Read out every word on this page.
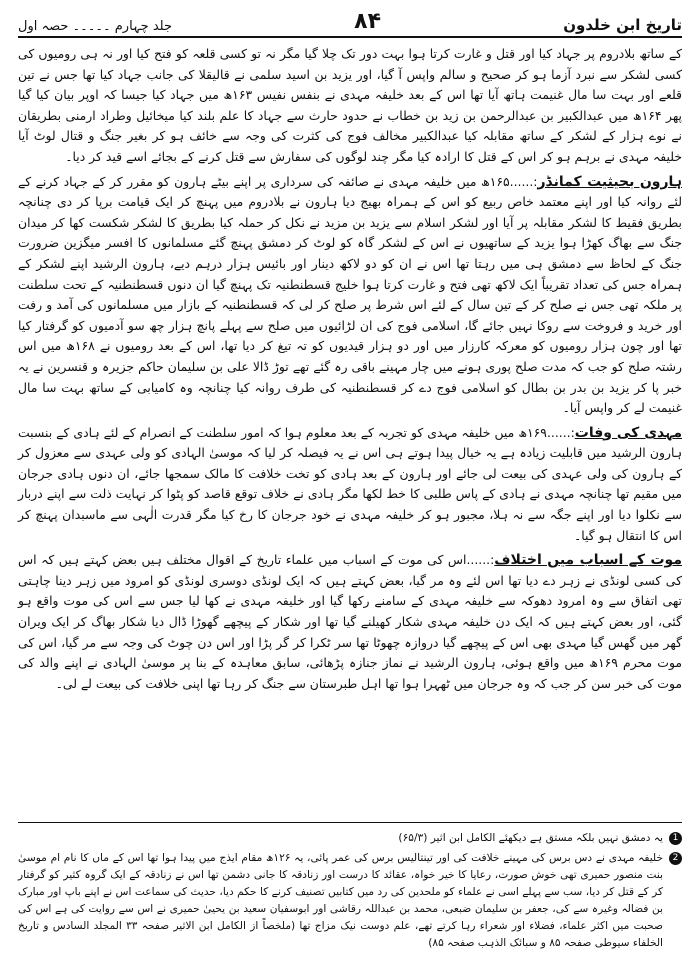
تاریخ ابن خلدون
۸۴
جلد چہارم ۔۔۔۔۔ حصہ اول

کے ساتھ بلادروم پر جہاد کیا اور قتل و غارت کرتا ہوا بہت دور تک چلا گیا مگر نہ تو کسی قلعہ کو فتح کیا اور نہ ہی رومیوں کی کسی لشکر سے نبرد آزما ہو کر صحیح و سالم واپس آ گیا، اور یزید بن اسید سلمی نے قالیقلا کی جانب جہاد کیا تھا جس نے تین قلعے اور بہت سا مال غنیمت ہاتھ آیا تھا اس کے بعد خلیفہ مہدی نے بنفس نفیس ۱۶۳ھ میں جہاد کیا جیسا کہ اوپر بیان کیا گیا پھر ۱۶۴ھ میں عبدالکبیر بن عبدالرحمن بن زید بن خطاب نے حدود حارث سے جہاد کا علم بلند کیا میخائیل وطراد ارمنی بطریقان نے نوے ہزار کے لشکر کے ساتھ مقابلہ کیا عبدالکبیر مخالف فوج کی کثرت کی وجہ سے خائف ہو کر بغیر جنگ و قتال لوٹ آیا خلیفہ مہدی نے برہم ہو کر اس کے قتل کا ارادہ کیا مگر چند لوگوں کی سفارش سے قتل کرنے کے بجائے اسے قید کر دیا۔

ہارون بحیثیت کمانڈر:......۱۶۵ھ میں خلیفہ مہدی نے صائفہ کی سرداری پر اپنے بیٹے ہارون کو مقرر کر کے جہاد کرنے کے لئے روانہ کیا اور اپنے معتمد خاص ربیع کو اس کے ہمراہ بھیج دیا ہارون نے بلادروم میں پہنچ کر ایک قیامت برپا کر دی چنانچہ بطریق فقیط کا لشکر مقابلہ پر آیا اور لشکر اسلام سے یزید بن مزید نے نکل کر حملہ کیا بطریق کا لشکر شکست کھا کر میدان جنگ سے بھاگ کھڑا ہوا یزید کے ساتھیوں نے اس کے لشکر گاہ کو لوٹ کر دمشق پہنچ گئے مسلمانوں کا افسر میگزین ضرورت جنگ کے لحاظ سے دمشق ہی میں رہتا تھا اس نے ان کو دو لاکھ دینار اور بائیس ہزار درہم دیے، ہارون الرشید اپنے لشکر کے ہمراہ جس کی تعداد تقریباً ایک لاکھ تھی فتح و غارت کرتا ہوا خلیج قسطنطنیہ تک پہنچ گیا ان دنوں قسطنطنیہ کے تحت سلطنت پر ملکہ تھی جس نے صلح کر کے تین سال کے لئے اس شرط پر صلح کر لی کہ قسطنطنیہ کے بازار میں مسلمانوں کی آمد و رفت اور خرید و فروخت سے روکا نہیں جائے گا، اسلامی فوج کی ان لڑائیوں میں صلح سے پہلے پانچ ہزار چھ سو آدمیوں کو گرفتار کیا تھا اور چون ہزار رومیوں کو معرکہ کارزار میں اور دو ہزار قیدیوں کو تہ تیغ کر دیا تھا، اس کے بعد رومیوں نے ۱۶۸ھ میں اس رشتہ صلح کو جب کہ مدت صلح پوری ہونے میں چار مہینے باقی رہ گئے تھے توڑ ڈالا علی بن سلیمان حاکم جزیرہ و قنسرین نے یہ خبر پا کر یزید بن بدر بن بطال کو اسلامی فوج دے کر قسطنطنیہ کی طرف روانہ کیا چنانچہ وہ کامیابی کے ساتھ بہت سا مال غنیمت لے کر واپس آیا۔

مہدی کی وفات:......۱۶۹ھ میں خلیفہ مہدی کو تجربہ کے بعد معلوم ہوا کہ امور سلطنت کے انصرام کے لئے ہادی کے بنسبت ہارون الرشید میں قابلیت زیادہ ہے یہ خیال پیدا ہوتے ہی اس نے یہ فیصلہ کر لیا کہ موسیٰ الہادی کو ولی عہدی سے معزول کر کے ہارون کی ولی عہدی کی بیعت لی جائے اور ہارون کے بعد ہادی کو تخت خلافت کا مالک سمجھا جائے، ان دنوں ہادی جرجان میں مقیم تھا چنانچہ مہدی نے ہادی کے پاس طلبی کا خط لکھا مگر ہادی نے خلاف توقع قاصد کو پٹوا کر نہایت ذلت سے اپنے دربار سے نکلوا دیا اور اپنے جگہ سے نہ ہلا، مجبور ہو کر خلیفہ مہدی نے خود جرجان کا رخ کیا مگر قدرت الٰہی سے ماسبدان پہنچ کر اس کا انتقال ہو گیا۔

موت کے اسباب میں اختلاف:......اس کی موت کے اسباب میں علماء تاریخ کے اقوال مختلف ہیں بعض کہتے ہیں کہ اس کی کسی لونڈی نے زہر دے دیا تھا اس لئے وہ مر گیا، بعض کہتے ہیں کہ ایک لونڈی دوسری لونڈی کو امرود میں زہر دینا چاہتی تھی اتفاق سے وہ امرود دھوکہ سے خلیفہ مہدی کے سامنے رکھا گیا اور خلیفہ مہدی نے کھا لیا جس سے اس کی موت واقع ہو گئی، اور بعض کہتے ہیں کہ ایک دن خلیفہ مہدی شکار کھیلنے گیا تھا اور شکار کے پیچھے گھوڑا ڈال دیا شکار بھاگ کر ایک ویران گھر میں گھس گیا مہدی بھی اس کے پیچھے گیا دروازہ چھوٹا تھا سر ٹکرا کر گر پڑا اور اس دن چوٹ کی وجہ سے مر گیا، اس کی موت محرم ۱۶۹ھ میں واقع ہوئی، ہارون الرشید نے نماز جنازہ پڑھائی، سابق معاہدہ کے بنا پر موسیٰ الہادی نے اپنے والد کی موت کی خبر سن کر جب کہ وہ جرجان میں ٹھہرا ہوا تھا اہل طبرستان سے جنگ کر رہا تھا اپنی خلافت کی بیعت لے لی۔

1
یہ دمشق نہیں بلکہ مستق ہے دیکھئے الکامل ابن اثیر (۶۵/۳)
2
خلیفہ مہدی نے دس برس کی مہینے خلافت کی اور تینتالیس برس کی عمر پائی، یہ ۱۲۶ھ مقام ایذج میں پیدا ہوا تھا اس کے ماں کا نام ام موسیٰ بنت منصور حمیری تھی خوش صورت، رعایا کا خیر خواہ، عقائد کا درست اور زنادقہ کا جانی دشمن تھا اس نے زنادقہ کے ایک گروہ کثیر کو گرفتار کر کے قتل کر دیا، سب سے پہلے اسی نے علماء کو ملحدین کی رد میں کتابیں تصنیف کرنے کا حکم دیا، حدیث کی سماعت اس نے اپنے باپ اور مبارک بن فضالہ وغیرہ سے کی، جعفر بن سلیمان ضبعی، محمد بن عبداللہ رقاشی اور ابوسفیان سعید بن یحییٰ حمیری نے اس سے روایت کی ہے اس کی صحبت میں اکثر علماء، فضلاء اور شعراء رہا کرتے تھے، علم دوست نیک مزاج تھا (ملخصاً از الکامل ابن الاثیر صفحہ ۳۳ المجلد السادس و تاریخ الخلفاء سیوطی صفحہ ۸۵ و سبائک الذہب صفحہ ۸۵)
